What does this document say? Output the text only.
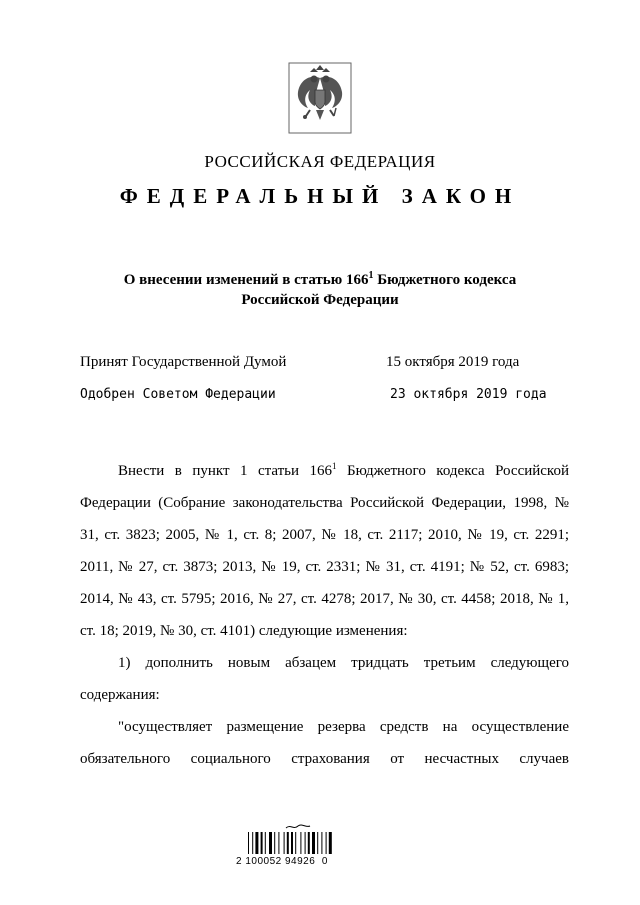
РОССИЙСКАЯ ФЕДЕРАЦИЯ
ФЕДЕРАЛЬНЫЙ ЗАКОН
О внесении изменений в статью $166^1$ Бюджетного кодекса
Российской Федерации
Принят Государственной Думой	15 октября 2019 года
Одобрен Советом Федерации	23 октября 2019 года

Внести в пункт 1 статьи $166^1$ Бюджетного кодекса Российской Федерации (Собрание законодательства Российской Федерации, 1998, № 31, ст. 3823; 2005, № 1, ст. 8; 2007, № 18, ст. 2117; 2010, № 19, ст. 2291; 2011, № 27, ст. 3873; 2013, № 19, ст. 2331; № 31, ст. 4191; № 52, ст. 6983; 2014, № 43, ст. 5795; 2016, № 27, ст. 4278; 2017, № 30, ст. 4458; 2018, № 1, ст. 18; 2019, № 30, ст. 4101) следующие изменения:

1) дополнить новым абзацем тридцать третьим следующего содержания:

"осуществляет размещение резерва средств на осуществление обязательного социального страхования от несчастных случаев

2 100052 94926  0
